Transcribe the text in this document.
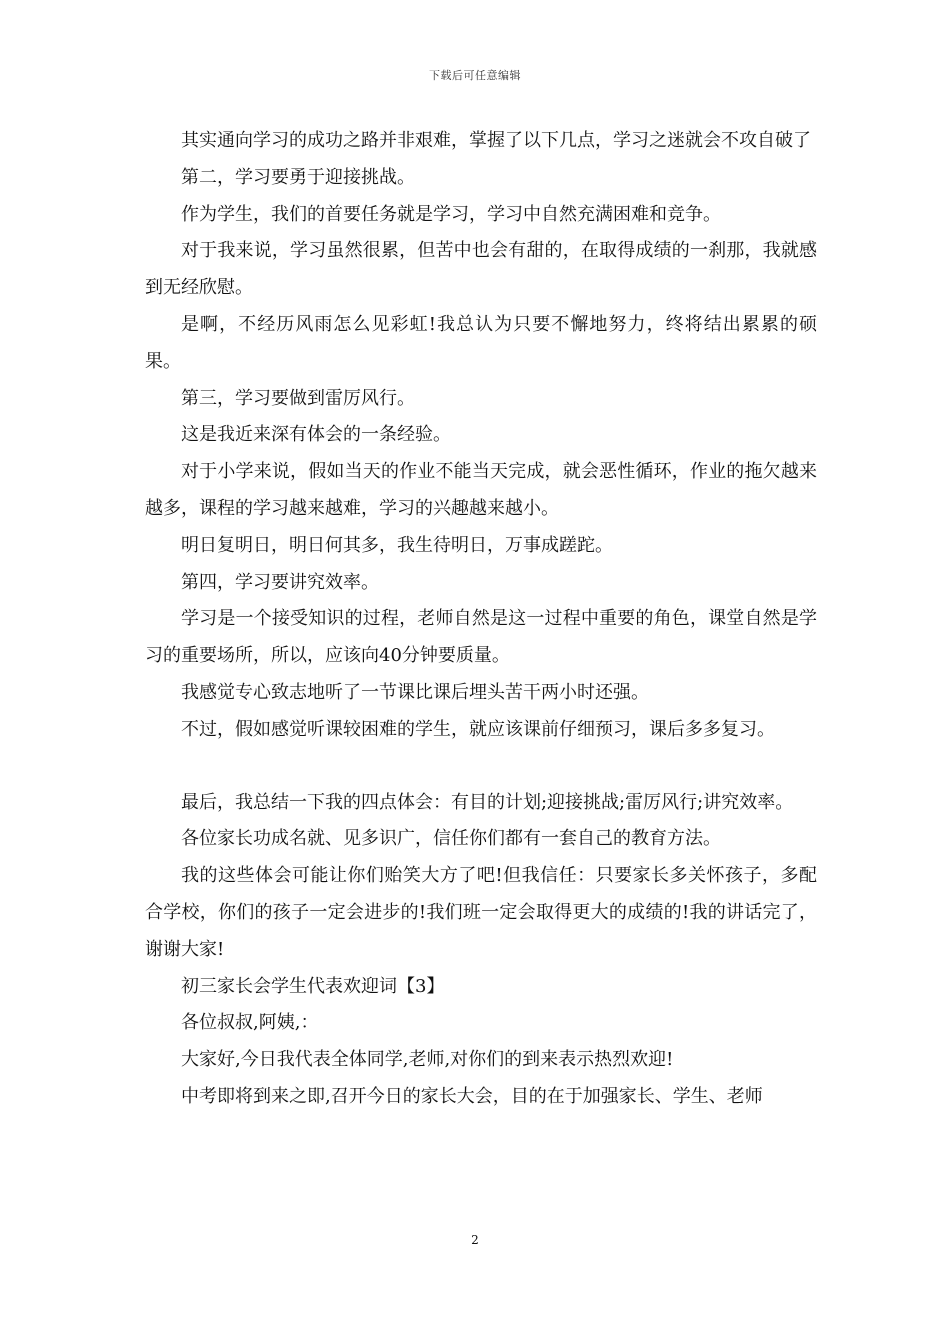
下载后可任意编辑

其实通向学习的成功之路并非艰难，掌握了以下几点，学习之迷就会不攻自破了

第二，学习要勇于迎接挑战。

作为学生，我们的首要任务就是学习，学习中自然充满困难和竞争。

对于我来说，学习虽然很累，但苦中也会有甜的，在取得成绩的一刹那，我就感到无经欣慰。

是啊，不经历风雨怎么见彩虹!我总认为只要不懈地努力，终将结出累累的硕果。

第三，学习要做到雷厉风行。

这是我近来深有体会的一条经验。

对于小学来说，假如当天的作业不能当天完成，就会恶性循环，作业的拖欠越来越多，课程的学习越来越难，学习的兴趣越来越小。

明日复明日，明日何其多，我生待明日，万事成蹉跎。

第四，学习要讲究效率。

学习是一个接受知识的过程，老师自然是这一过程中重要的角色，课堂自然是学习的重要场所，所以，应该向40分钟要质量。

我感觉专心致志地听了一节课比课后埋头苦干两小时还强。

不过，假如感觉听课较困难的学生，就应该课前仔细预习，课后多多复习。

最后，我总结一下我的四点体会：有目的计划;迎接挑战;雷厉风行;讲究效率。

各位家长功成名就、见多识广，信任你们都有一套自己的教育方法。

我的这些体会可能让你们贻笑大方了吧!但我信任：只要家长多关怀孩子，多配合学校，你们的孩子一定会进步的!我们班一定会取得更大的成绩的!我的讲话完了，谢谢大家!

初三家长会学生代表欢迎词【3】

各位叔叔,阿姨,：

大家好,今日我代表全体同学,老师,对你们的到来表示热烈欢迎!

中考即将到来之即,召开今日的家长大会，目的在于加强家长、学生、老师

2
